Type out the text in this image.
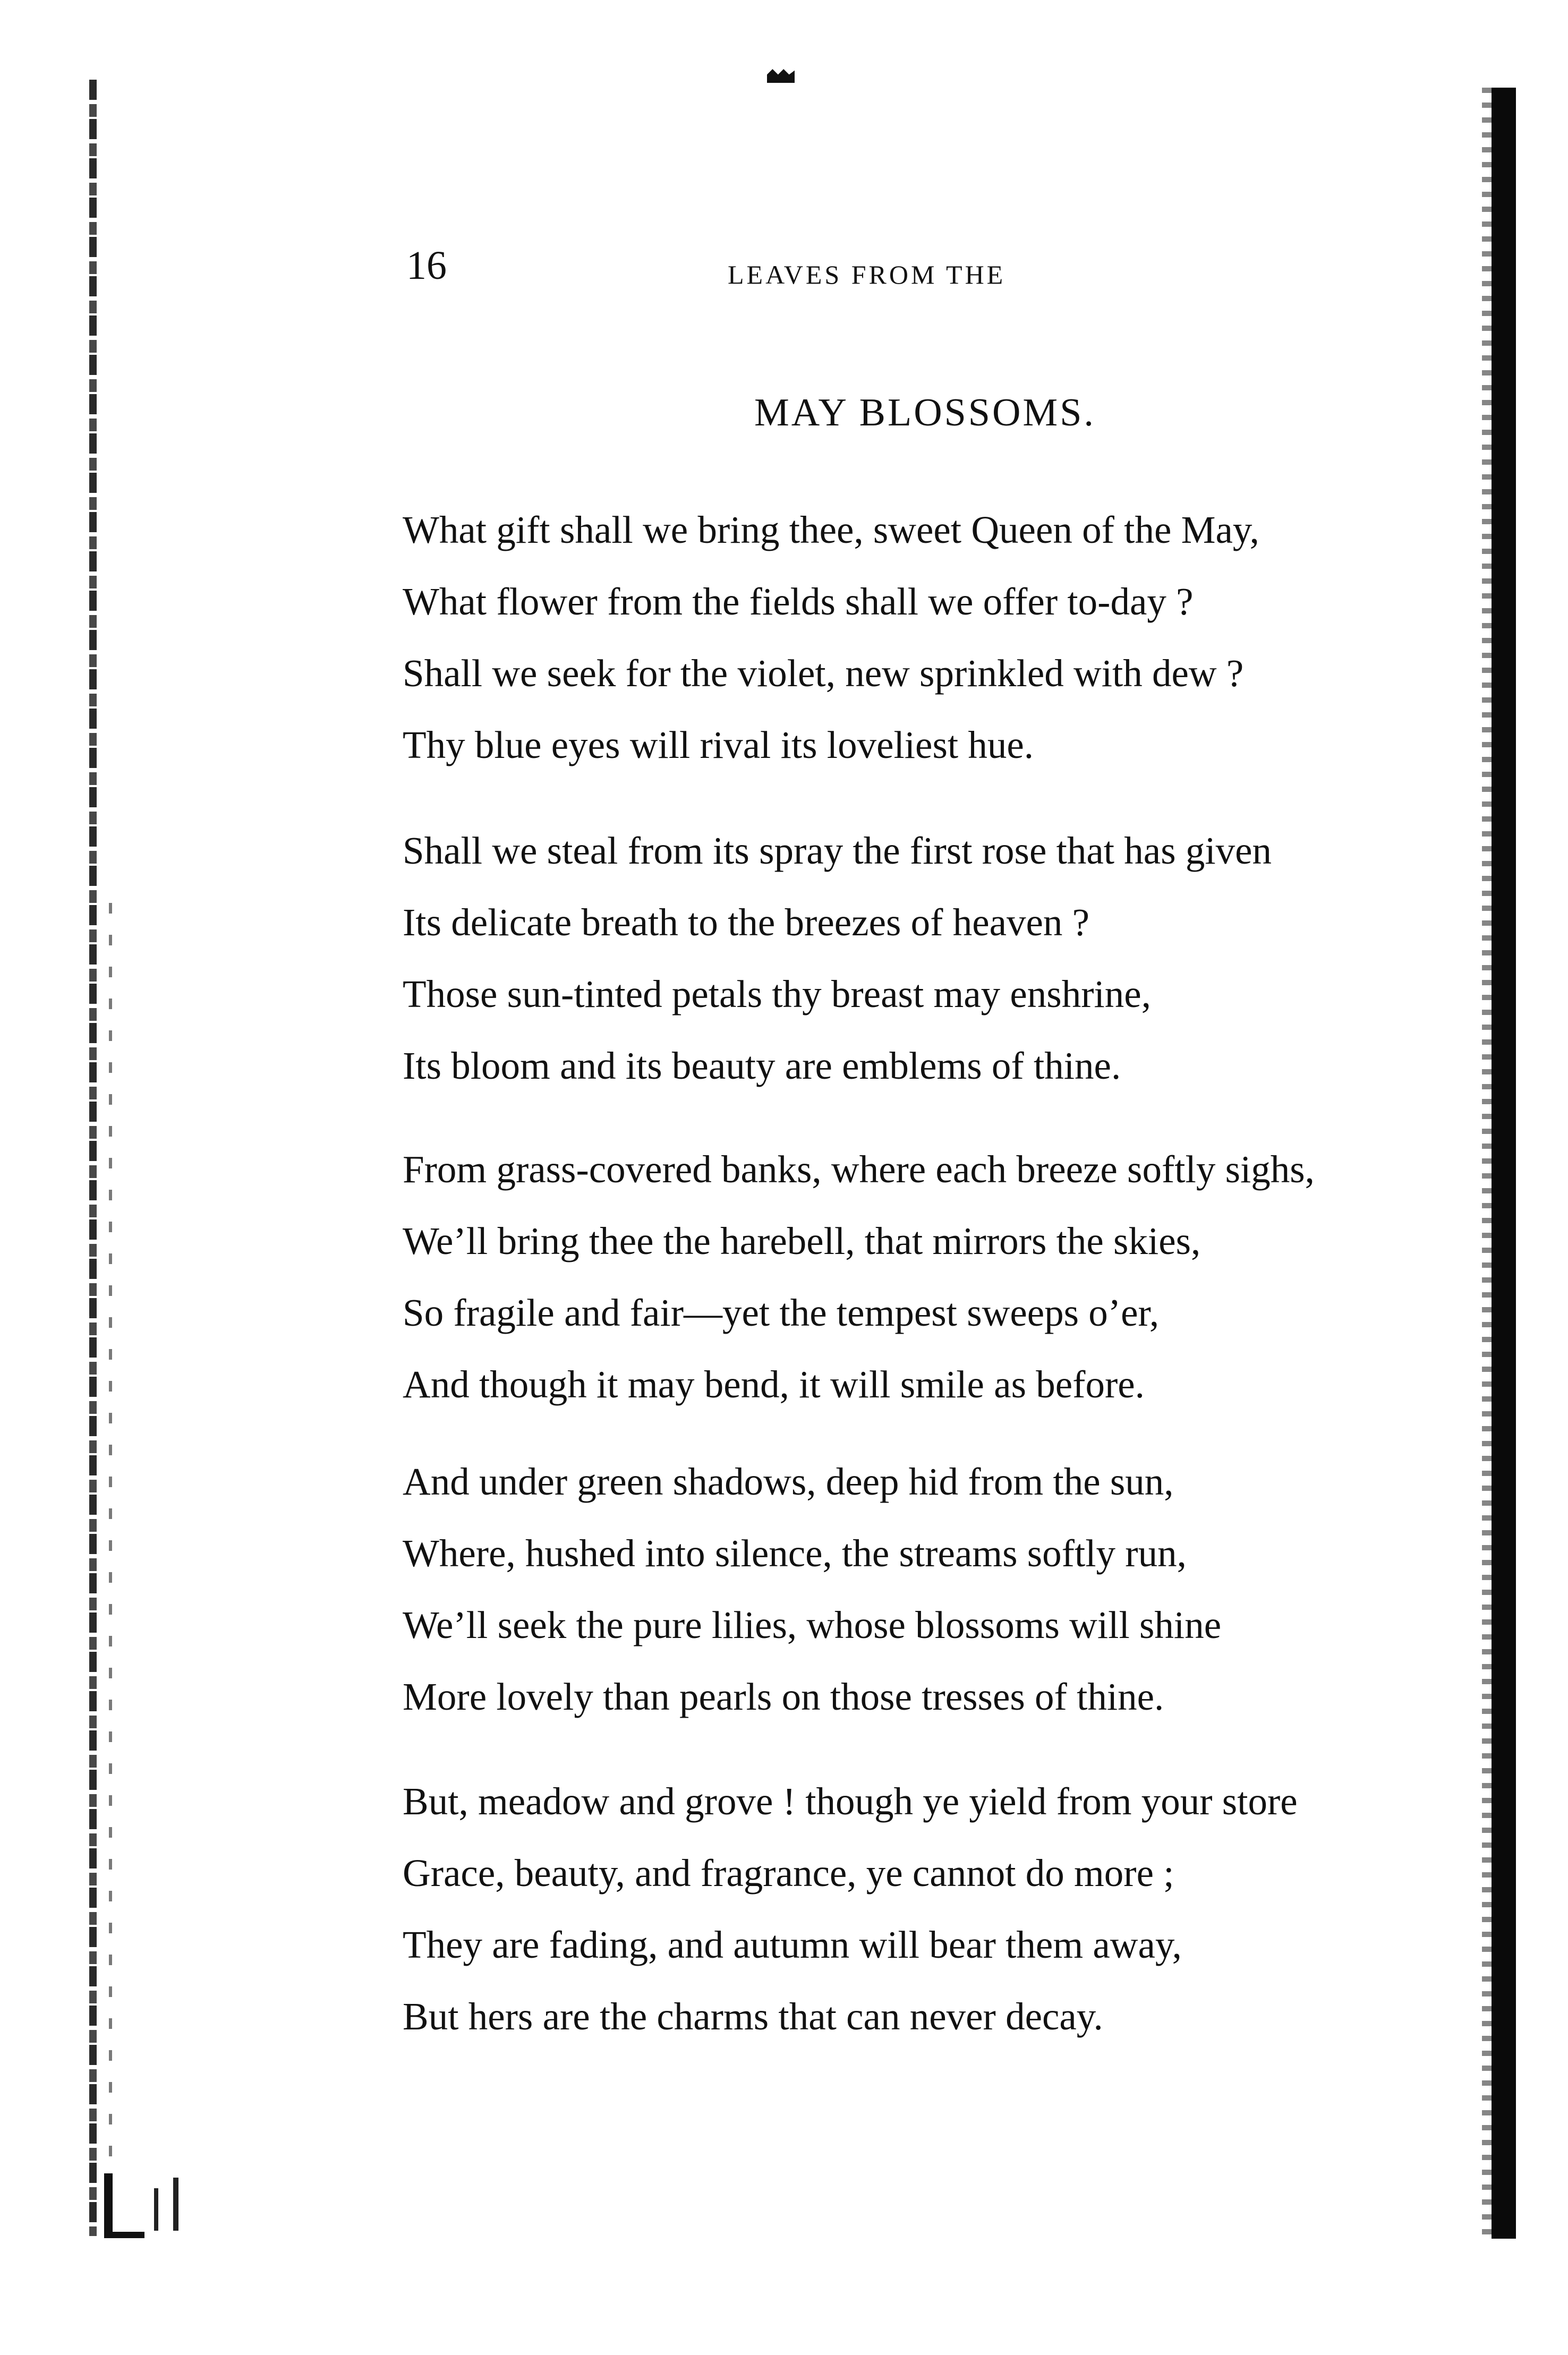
16	LEAVES FROM THE
MAY BLOSSOMS.
What gift shall we bring thee, sweet Queen of the May,
What flower from the fields shall we offer to-day ?
Shall we seek for the violet, new sprinkled with dew ?
Thy blue eyes will rival its loveliest hue.
Shall we steal from its spray the first rose that has given
Its delicate breath to the breezes of heaven ?
Those sun-tinted petals thy breast may enshrine,
Its bloom and its beauty are emblems of thine.
From grass-covered banks, where each breeze softly sighs,
We’ll bring thee the harebell, that mirrors the skies,
So fragile and fair—yet the tempest sweeps o’er,
And though it may bend, it will smile as before.
And under green shadows, deep hid from the sun,
Where, hushed into silence, the streams softly run,
We’ll seek the pure lilies, whose blossoms will shine
More lovely than pearls on those tresses of thine.
But, meadow and grove ! though ye yield from your store
Grace, beauty, and fragrance, ye cannot do more ;
They are fading, and autumn will bear them away,
But hers are the charms that can never decay.
